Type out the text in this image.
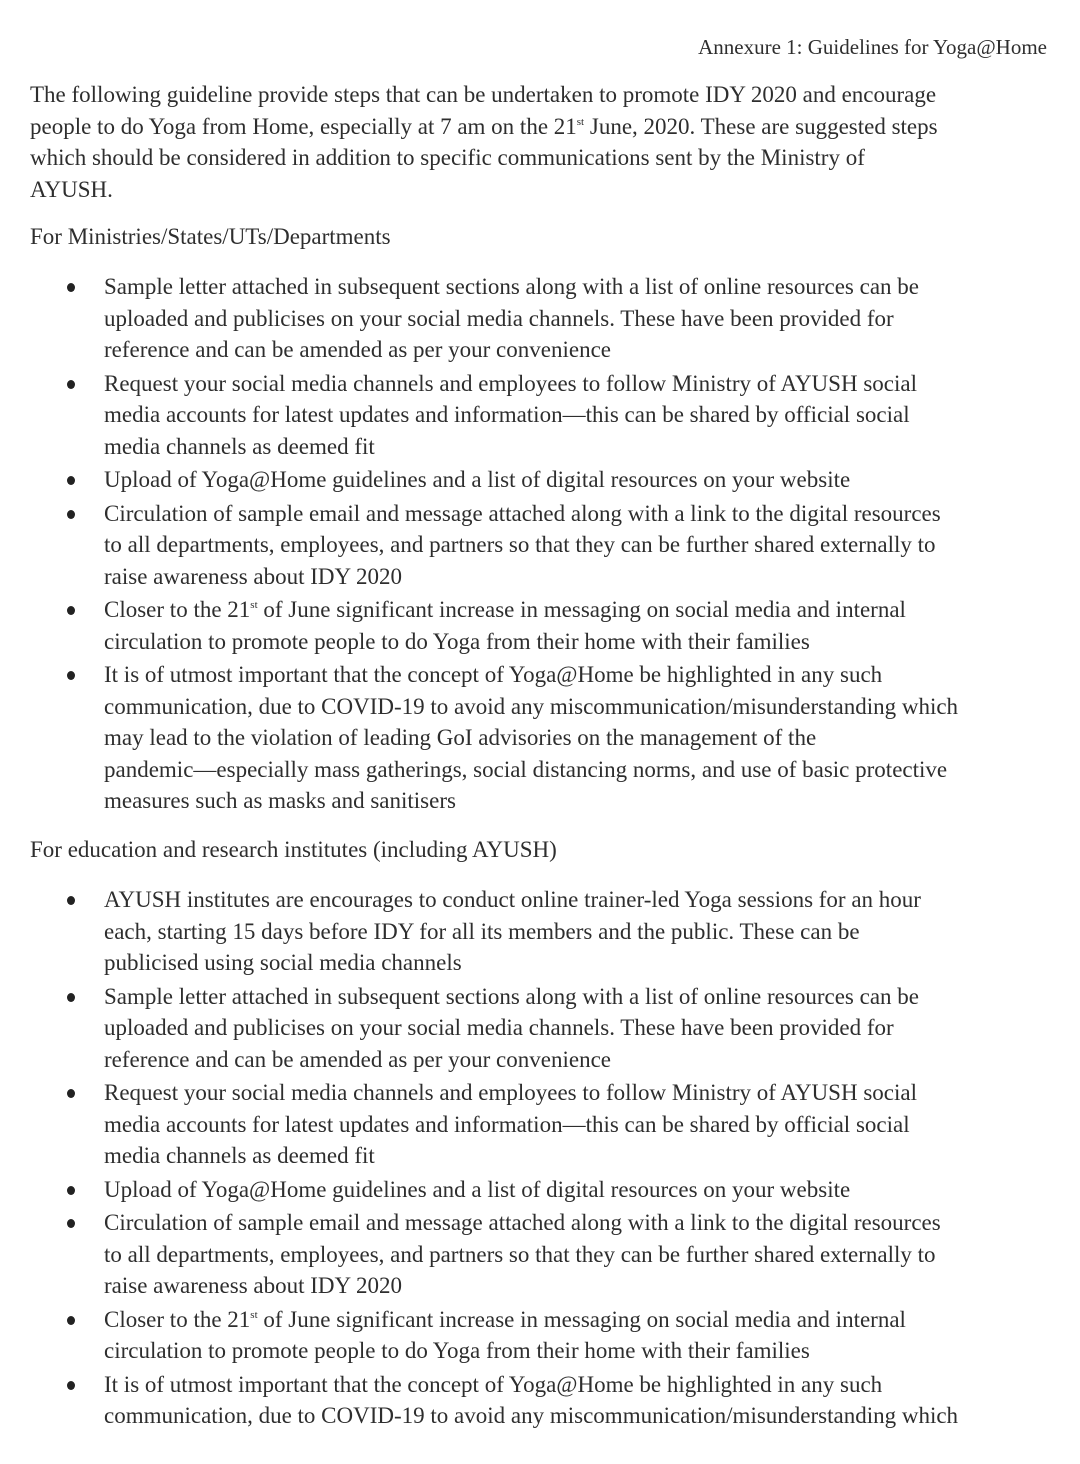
Annexure 1: Guidelines for Yoga@Home
The following guideline provide steps that can be undertaken to promote IDY 2020 and encourage
people to do Yoga from Home, especially at 7 am on the 21st June, 2020. These are suggested steps
which should be considered in addition to specific communications sent by the Ministry of
AYUSH.
For Ministries/States/UTs/Departments
Sample letter attached in subsequent sections along with a list of online resources can be
uploaded and publicises on your social media channels. These have been provided for
reference and can be amended as per your convenience
Request your social media channels and employees to follow Ministry of AYUSH social
media accounts for latest updates and information—this can be shared by official social
media channels as deemed fit
Upload of Yoga@Home guidelines and a list of digital resources on your website
Circulation of sample email and message attached along with a link to the digital resources
to all departments, employees, and partners so that they can be further shared externally to
raise awareness about IDY 2020
Closer to the 21st of June significant increase in messaging on social media and internal
circulation to promote people to do Yoga from their home with their families
It is of utmost important that the concept of Yoga@Home be highlighted in any such
communication, due to COVID-19 to avoid any miscommunication/misunderstanding which
may lead to the violation of leading GoI advisories on the management of the
pandemic—especially mass gatherings, social distancing norms, and use of basic protective
measures such as masks and sanitisers
For education and research institutes (including AYUSH)
AYUSH institutes are encourages to conduct online trainer-led Yoga sessions for an hour
each, starting 15 days before IDY for all its members and the public. These can be
publicised using social media channels
Sample letter attached in subsequent sections along with a list of online resources can be
uploaded and publicises on your social media channels. These have been provided for
reference and can be amended as per your convenience
Request your social media channels and employees to follow Ministry of AYUSH social
media accounts for latest updates and information—this can be shared by official social
media channels as deemed fit
Upload of Yoga@Home guidelines and a list of digital resources on your website
Circulation of sample email and message attached along with a link to the digital resources
to all departments, employees, and partners so that they can be further shared externally to
raise awareness about IDY 2020
Closer to the 21st of June significant increase in messaging on social media and internal
circulation to promote people to do Yoga from their home with their families
It is of utmost important that the concept of Yoga@Home be highlighted in any such
communication, due to COVID-19 to avoid any miscommunication/misunderstanding which
